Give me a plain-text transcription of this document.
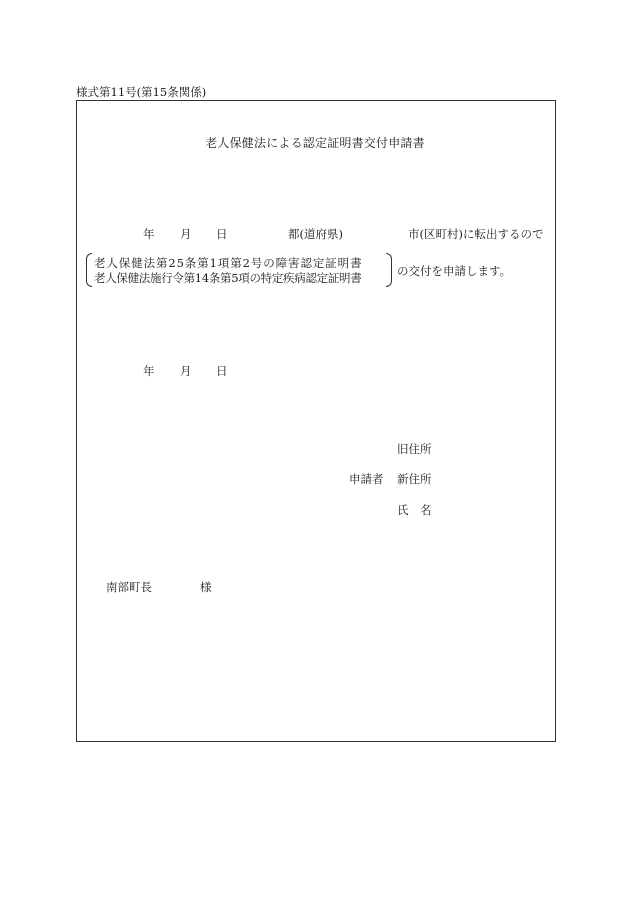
様式第11号(第15条関係)
老人保健法による認定証明書交付申請書
年 月 日	都(道府県)	市(区町村)に転出するので
老人保健法第25条第1項第2号の障害認定証明書
老人保健法施行令第14条第5項の特定疾病認定証明書	の交付を申請します。
年 月 日
旧住所
申請者 新住所
氏　名
南部町長	様
